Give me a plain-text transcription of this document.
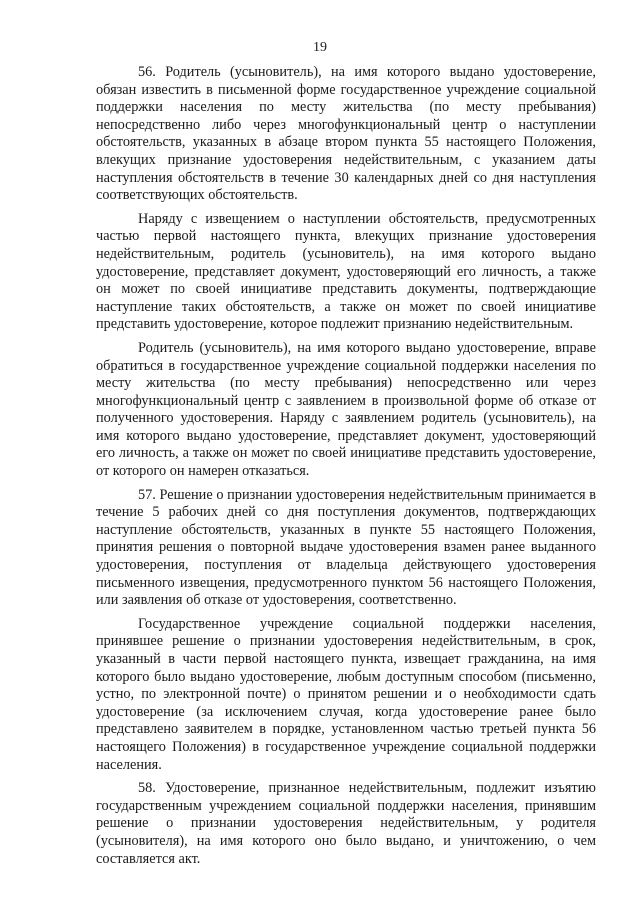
19

56. Родитель (усыновитель), на имя которого выдано удостоверение, обязан известить в письменной форме государственное учреждение социальной поддержки населения по месту жительства (по месту пребывания) непосредственно либо через многофункциональный центр о наступлении обстоятельств, указанных в абзаце втором пункта 55 настоящего Положения, влекущих признание удостоверения недействительным, с указанием даты наступления обстоятельств в течение 30 календарных дней со дня наступления соответствующих обстоятельств.

Наряду с извещением о наступлении обстоятельств, предусмотренных частью первой настоящего пункта, влекущих признание удостоверения недействительным, родитель (усыновитель), на имя которого выдано удостоверение, представляет документ, удостоверяющий его личность, а также он может по своей инициативе представить документы, подтверждающие наступление таких обстоятельств, а также он может по своей инициативе представить удостоверение, которое подлежит признанию недействительным.

Родитель (усыновитель), на имя которого выдано удостоверение, вправе обратиться в государственное учреждение социальной поддержки населения по месту жительства (по месту пребывания) непосредственно или через многофункциональный центр с заявлением в произвольной форме об отказе от полученного удостоверения. Наряду с заявлением родитель (усыновитель), на имя которого выдано удостоверение, представляет документ, удостоверяющий его личность, а также он может по своей инициативе представить удостоверение, от которого он намерен отказаться.

57. Решение о признании удостоверения недействительным принимается в течение 5 рабочих дней со дня поступления документов, подтверждающих наступление обстоятельств, указанных в пункте 55 настоящего Положения, принятия решения о повторной выдаче удостоверения взамен ранее выданного удостоверения, поступления от владельца действующего удостоверения письменного извещения, предусмотренного пунктом 56 настоящего Положения, или заявления об отказе от удостоверения, соответственно.

Государственное учреждение социальной поддержки населения, принявшее решение о признании удостоверения недействительным, в срок, указанный в части первой настоящего пункта, извещает гражданина, на имя которого было выдано удостоверение, любым доступным способом (письменно, устно, по электронной почте) о принятом решении и о необходимости сдать удостоверение (за исключением случая, когда удостоверение ранее было представлено заявителем в порядке, установленном частью третьей пункта 56 настоящего Положения) в государственное учреждение социальной поддержки населения.

58. Удостоверение, признанное недействительным, подлежит изъятию государственным учреждением социальной поддержки населения, принявшим решение о признании удостоверения недействительным, у родителя (усыновителя), на имя которого оно было выдано, и уничтожению, о чем составляется акт.
